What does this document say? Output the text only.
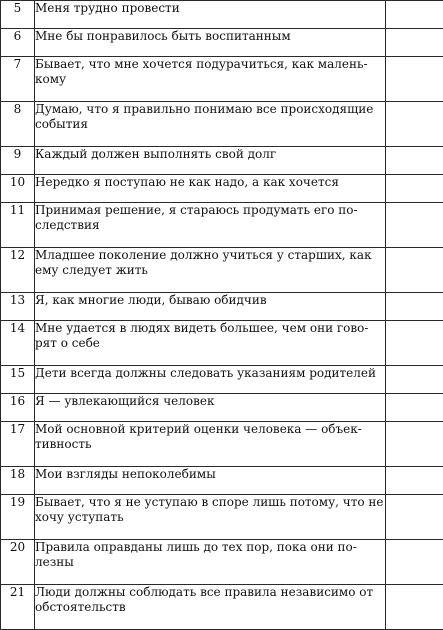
5	Меня трудно провести	

6	Мне бы понравилось быть воспитанным	

7	Бывает, что мне хочется подурачиться, как малень-
кому	

8	Думаю, что я правильно понимаю все происходящие
события	

9	Каждый должен выполнять свой долг	

10	Нередко я поступаю не как надо, а как хочется	

11	Принимая решение, я стараюсь продумать его по-
следствия	

12	Младшее поколение должно учиться у старших, как
ему следует жить	

13	Я, как многие люди, бываю обидчив	

14	Мне удается в людях видеть большее, чем они гово-
рят о себе	

15	Дети всегда должны следовать указаниям родителей	

16	Я — увлекающийся человек	

17	Мой основной критерий оценки человека — объек-
тивность	

18	Мои взгляды непоколебимы	

19	Бывает, что я не уступаю в споре лишь потому, что не
хочу уступать	

20	Правила оправданы лишь до тех пор, пока они по-
лезны	

21	Люди должны соблюдать все правила независимо от
обстоятельств	
